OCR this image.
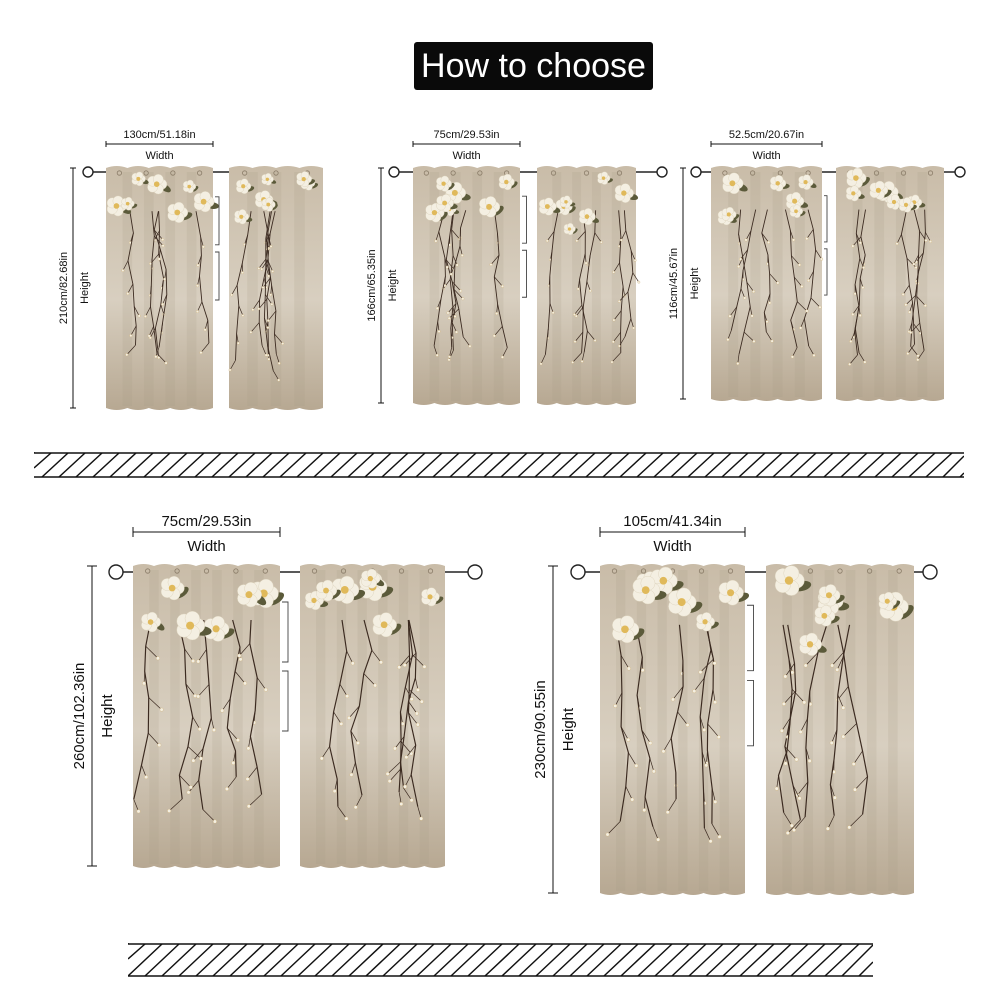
How to choose
130cm/51.18in
Width
210cm/82.68in Height
75cm/29.53in
Width
166cm/65.35in Height
52.5cm/20.67in
Width
116cm/45.67in Height
75cm/29.53in
Width
260cm/102.36in Height
105cm/41.34in
Width
230cm/90.55in Height
